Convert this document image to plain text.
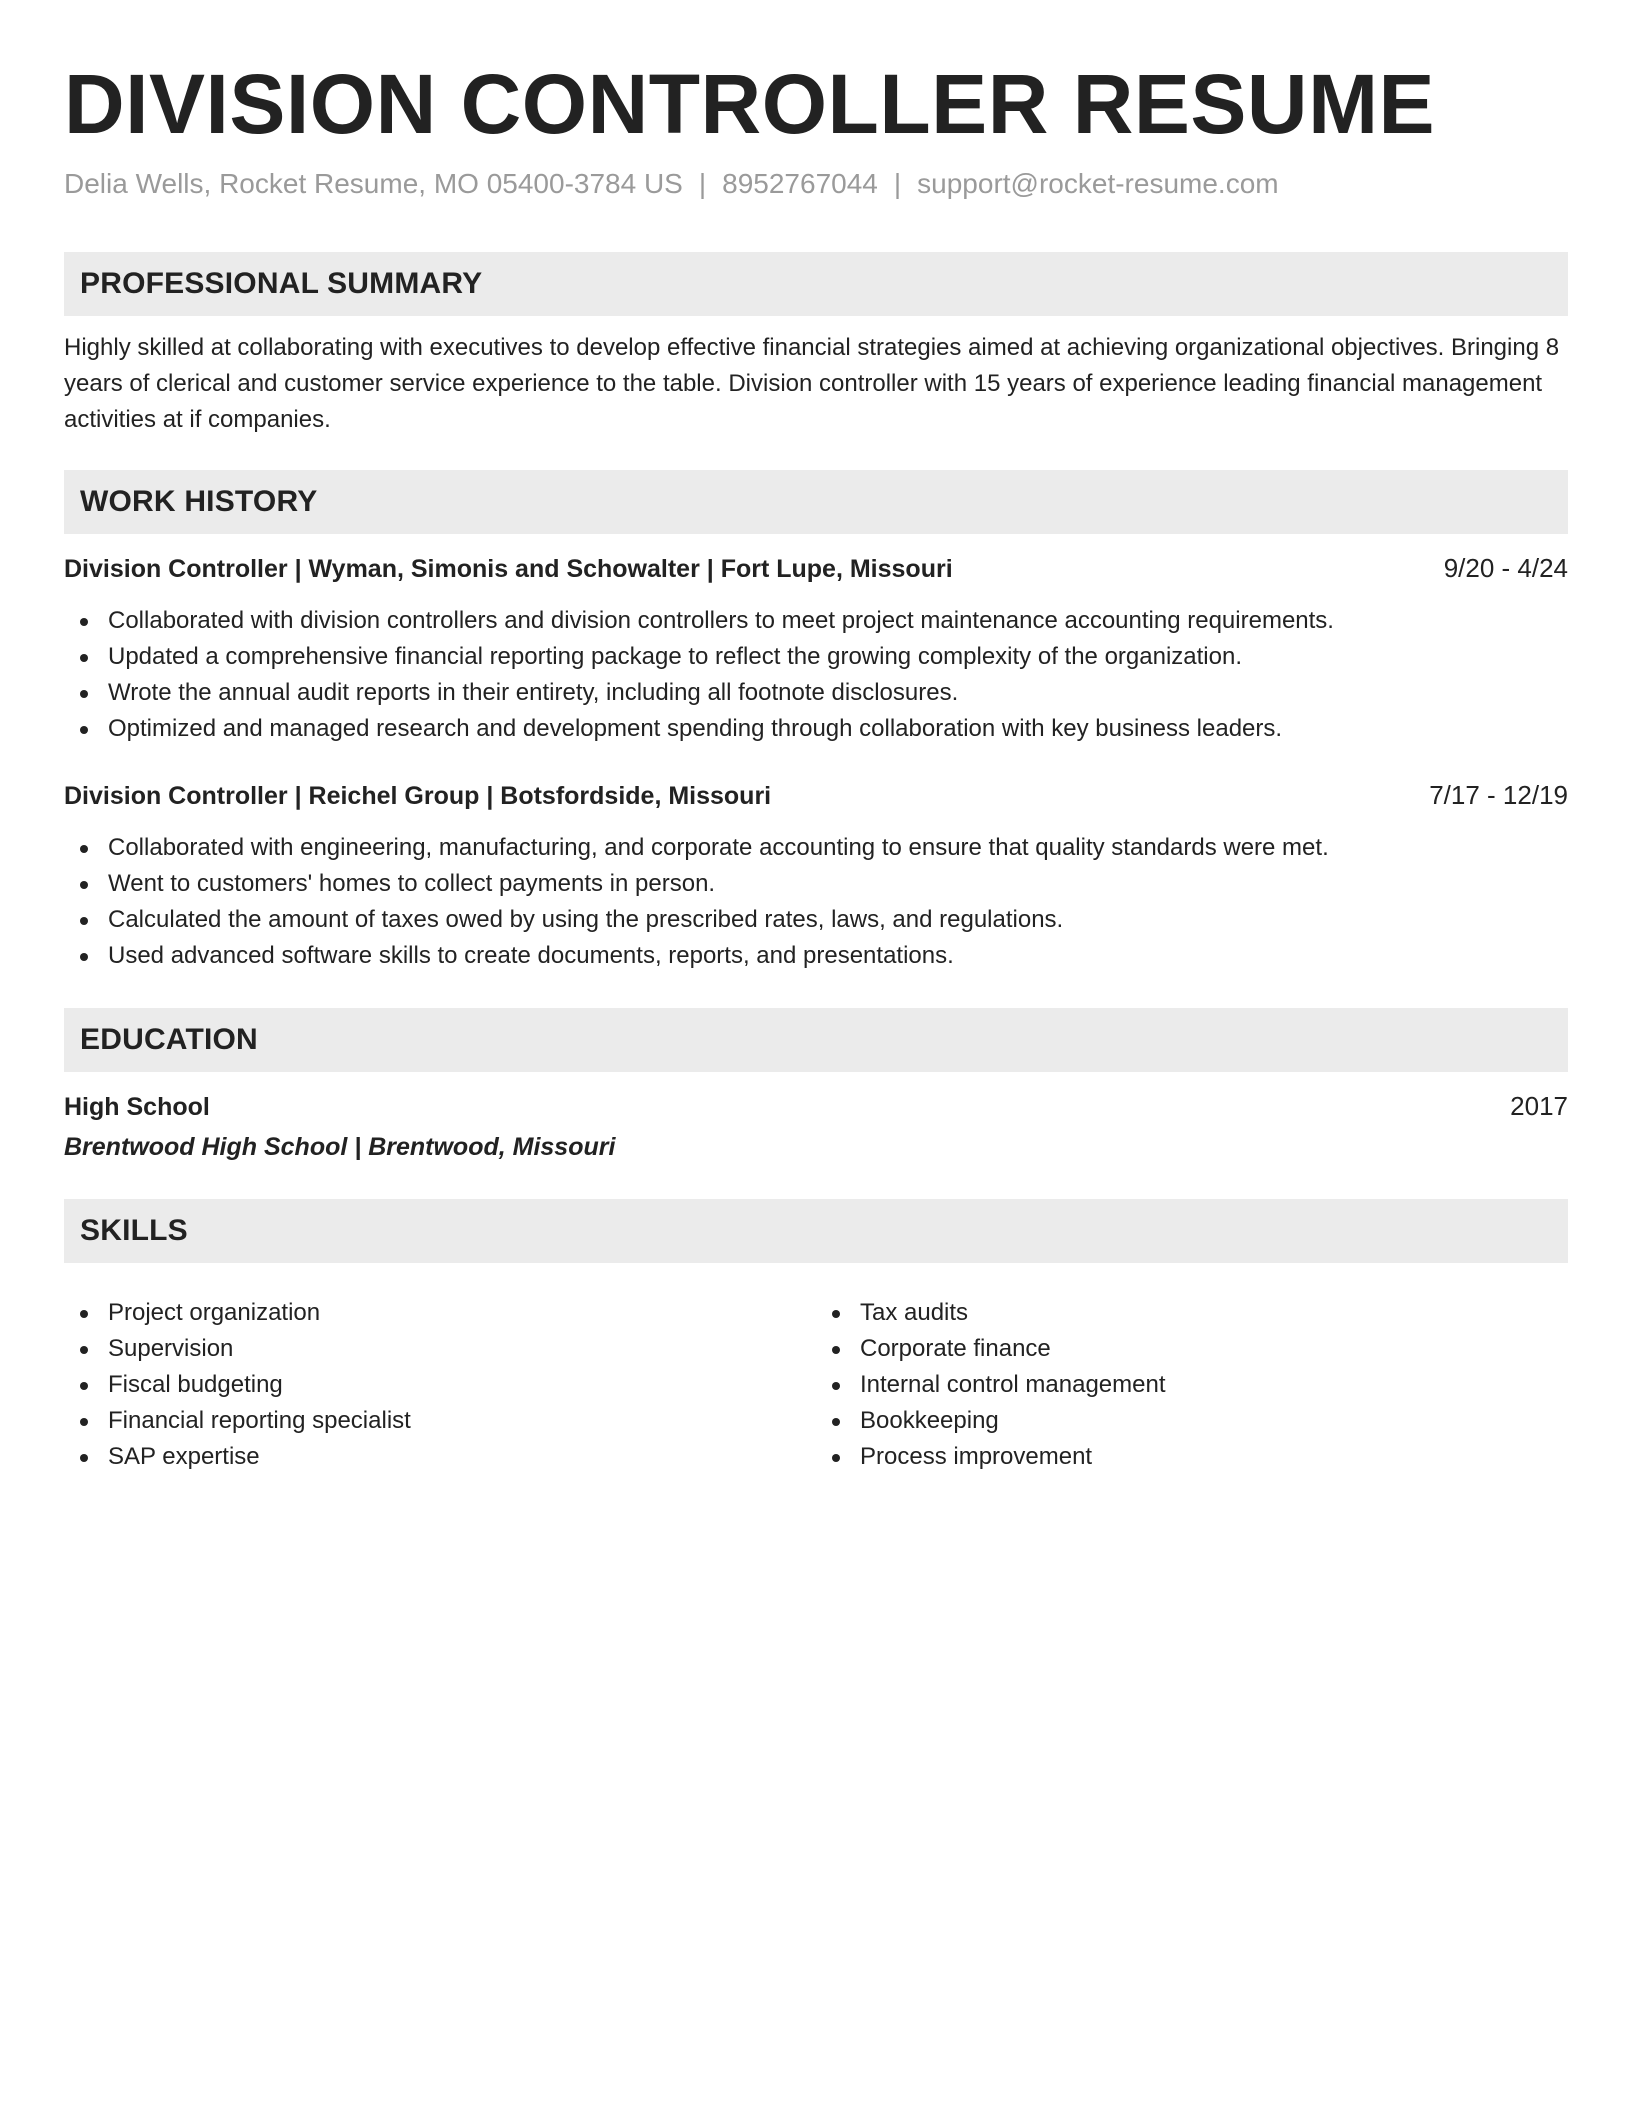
DIVISION CONTROLLER RESUME
Delia Wells, Rocket Resume, MO 05400-3784 US | 8952767044 | support@rocket-resume.com
PROFESSIONAL SUMMARY

Highly skilled at collaborating with executives to develop effective financial strategies aimed at achieving organizational objectives. Bringing 8 years of clerical and customer service experience to the table. Division controller with 15 years of experience leading financial management activities at if companies.

WORK HISTORY
Division Controller | Wyman, Simonis and Schowalter | Fort Lupe, Missouri	9/20 - 4/24
Collaborated with division controllers and division controllers to meet project maintenance accounting requirements.
Updated a comprehensive financial reporting package to reflect the growing complexity of the organization.
Wrote the annual audit reports in their entirety, including all footnote disclosures.
Optimized and managed research and development spending through collaboration with key business leaders.
Division Controller | Reichel Group | Botsfordside, Missouri	7/17 - 12/19
Collaborated with engineering, manufacturing, and corporate accounting to ensure that quality standards were met.
Went to customers' homes to collect payments in person.
Calculated the amount of taxes owed by using the prescribed rates, laws, and regulations.
Used advanced software skills to create documents, reports, and presentations.
EDUCATION
High School	2017
Brentwood High School | Brentwood, Missouri
SKILLS
Project organization
Supervision
Fiscal budgeting
Financial reporting specialist
SAP expertise
Tax audits
Corporate finance
Internal control management
Bookkeeping
Process improvement
